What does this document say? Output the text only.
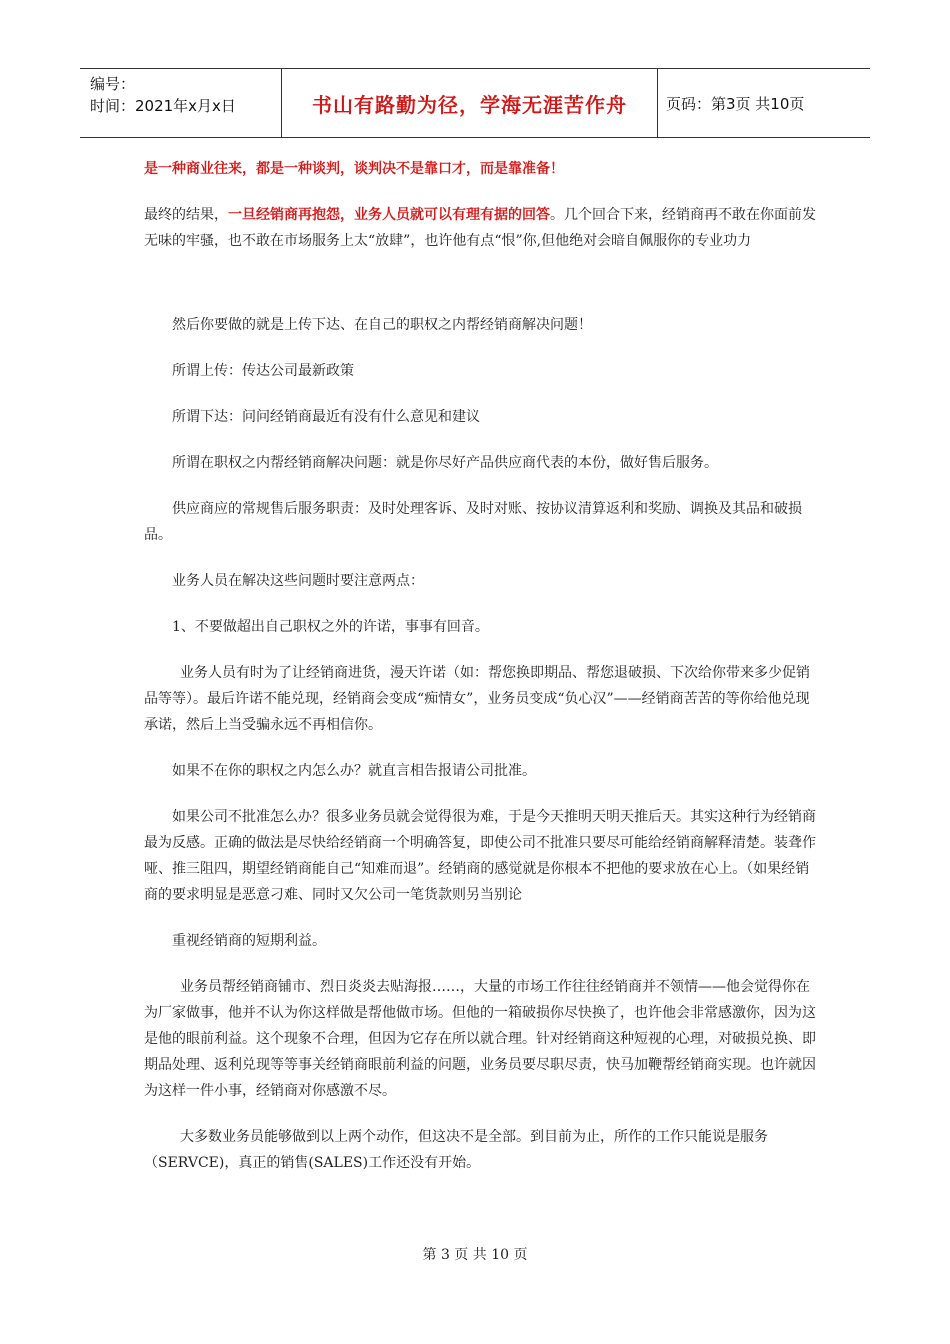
编号：
时间：2021年x月x日	书山有路勤为径，学海无涯苦作舟	页码：第3页 共10页

是一种商业往来，都是一种谈判，谈判决不是靠口才，而是靠准备！

最终的结果，一旦经销商再抱怨，业务人员就可以有理有据的回答。几个回合下来，经销商再不敢在你面前发无味的牢骚，也不敢在市场服务上太“放肆”，也许他有点“恨”你,但他绝对会暗自佩服你的专业功力

然后你要做的就是上传下达、在自己的职权之内帮经销商解决问题！

所谓上传：传达公司最新政策

所谓下达：问问经销商最近有没有什么意见和建议

所谓在职权之内帮经销商解决问题：就是你尽好产品供应商代表的本份，做好售后服务。

供应商应的常规售后服务职责：及时处理客诉、及时对账、按协议清算返利和奖励、调换及其品和破损品。

业务人员在解决这些问题时要注意两点：

1、不要做超出自己职权之外的许诺，事事有回音。

业务人员有时为了让经销商进货，漫天许诺（如：帮您换即期品、帮您退破损、下次给你带来多少促销品等等）。最后许诺不能兑现，经销商会变成“痴情女”，业务员变成“负心汉”——经销商苦苦的等你给他兑现承诺，然后上当受骗永远不再相信你。

如果不在你的职权之内怎么办？就直言相告报请公司批准。

如果公司不批准怎么办？很多业务员就会觉得很为难，于是今天推明天明天推后天。其实这种行为经销商最为反感。正确的做法是尽快给经销商一个明确答复，即使公司不批准只要尽可能给经销商解释清楚。装聋作哑、推三阻四，期望经销商能自己“知难而退”。经销商的感觉就是你根本不把他的要求放在心上。（如果经销商的要求明显是恶意刁难、同时又欠公司一笔货款则另当别论

重视经销商的短期利益。

业务员帮经销商铺市、烈日炎炎去贴海报……，大量的市场工作往往经销商并不领情——他会觉得你在为厂家做事，他并不认为你这样做是帮他做市场。但他的一箱破损你尽快换了，也许他会非常感激你，因为这是他的眼前利益。这个现象不合理，但因为它存在所以就合理。针对经销商这种短视的心理，对破损兑换、即期品处理、返利兑现等等事关经销商眼前利益的问题，业务员要尽职尽责，快马加鞭帮经销商实现。也许就因为这样一件小事，经销商对你感激不尽。

大多数业务员能够做到以上两个动作，但这决不是全部。到目前为止，所作的工作只能说是服务（SERVCE)，真正的销售(SALES)工作还没有开始。

第 3 页 共 10 页
